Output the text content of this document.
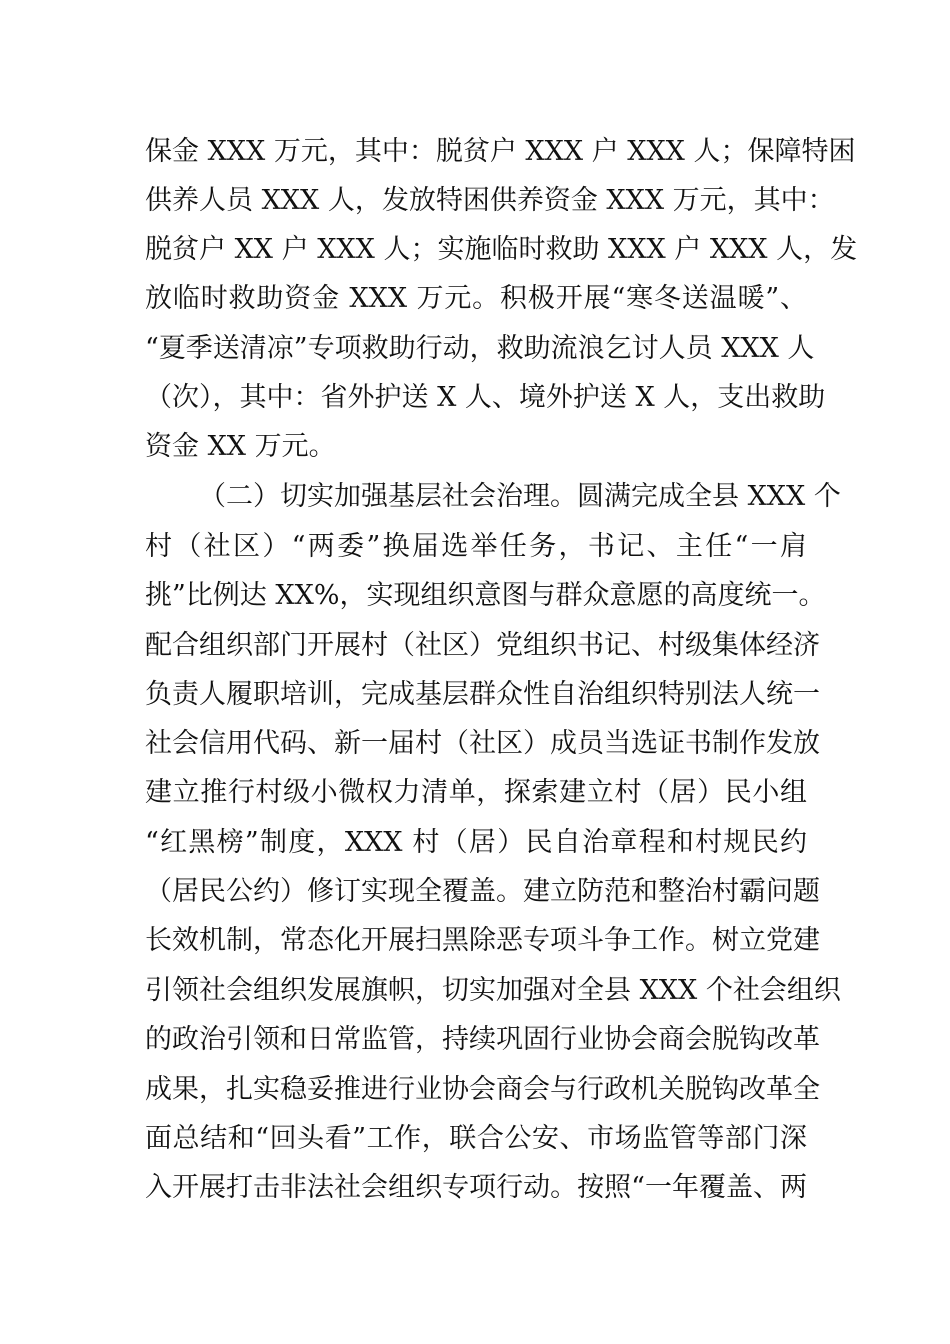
保金 XXX 万元，其中：脱贫户 XXX 户 XXX 人；保障特困
供养人员 XXX 人，发放特困供养资金 XXX 万元，其中：
脱贫户 XX 户 XXX 人；实施临时救助 XXX 户 XXX 人，发
放临时救助资金 XXX 万元。积极开展“寒冬送温暖”、
“夏季送清凉”专项救助行动，救助流浪乞讨人员 XXX 人
（次），其中：省外护送 X 人、境外护送 X 人，支出救助
资金 XX 万元。
（二）切实加强基层社会治理。圆满完成全县 XXX 个
村（社区）“两委”换届选举任务，书记、主任“一肩
挑”比例达 XX%，实现组织意图与群众意愿的高度统一。
配合组织部门开展村（社区）党组织书记、村级集体经济
负责人履职培训，完成基层群众性自治组织特别法人统一
社会信用代码、新一届村（社区）成员当选证书制作发放
建立推行村级小微权力清单，探索建立村（居）民小组
“红黑榜”制度，XXX 村（居）民自治章程和村规民约
（居民公约）修订实现全覆盖。建立防范和整治村霸问题
长效机制，常态化开展扫黑除恶专项斗争工作。树立党建
引领社会组织发展旗帜，切实加强对全县 XXX 个社会组织
的政治引领和日常监管，持续巩固行业协会商会脱钩改革
成果，扎实稳妥推进行业协会商会与行政机关脱钩改革全
面总结和“回头看”工作，联合公安、市场监管等部门深
入开展打击非法社会组织专项行动。按照“一年覆盖、两
